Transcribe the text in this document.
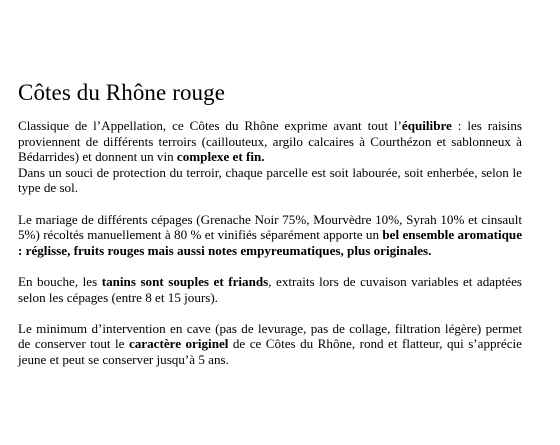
Côtes du Rhône rouge

Classique de l’Appellation, ce Côtes du Rhône exprime avant tout l’équilibre : les raisins proviennent de différents terroirs (caillouteux, argilo calcaires à Courthézon et sablonneux à Bédarrides) et donnent un vin complexe et fin.

Dans un souci de protection du terroir, chaque parcelle est soit labourée, soit enherbée, selon le type de sol.

Le mariage de différents cépages (Grenache Noir 75%, Mourvèdre 10%, Syrah 10% et cinsault 5%) récoltés manuellement à 80 % et vinifiés séparément apporte un bel ensemble aromatique : réglisse, fruits rouges mais aussi notes empyreumatiques, plus originales.

En bouche, les tanins sont souples et friands, extraits lors de cuvaison variables et adaptées selon les cépages (entre 8 et 15 jours).

Le minimum d’intervention en cave (pas de levurage, pas de collage, filtration légère) permet de conserver tout le caractère originel de ce Côtes du Rhône, rond et flatteur, qui s’apprécie jeune et peut se conserver jusqu’à 5 ans.
